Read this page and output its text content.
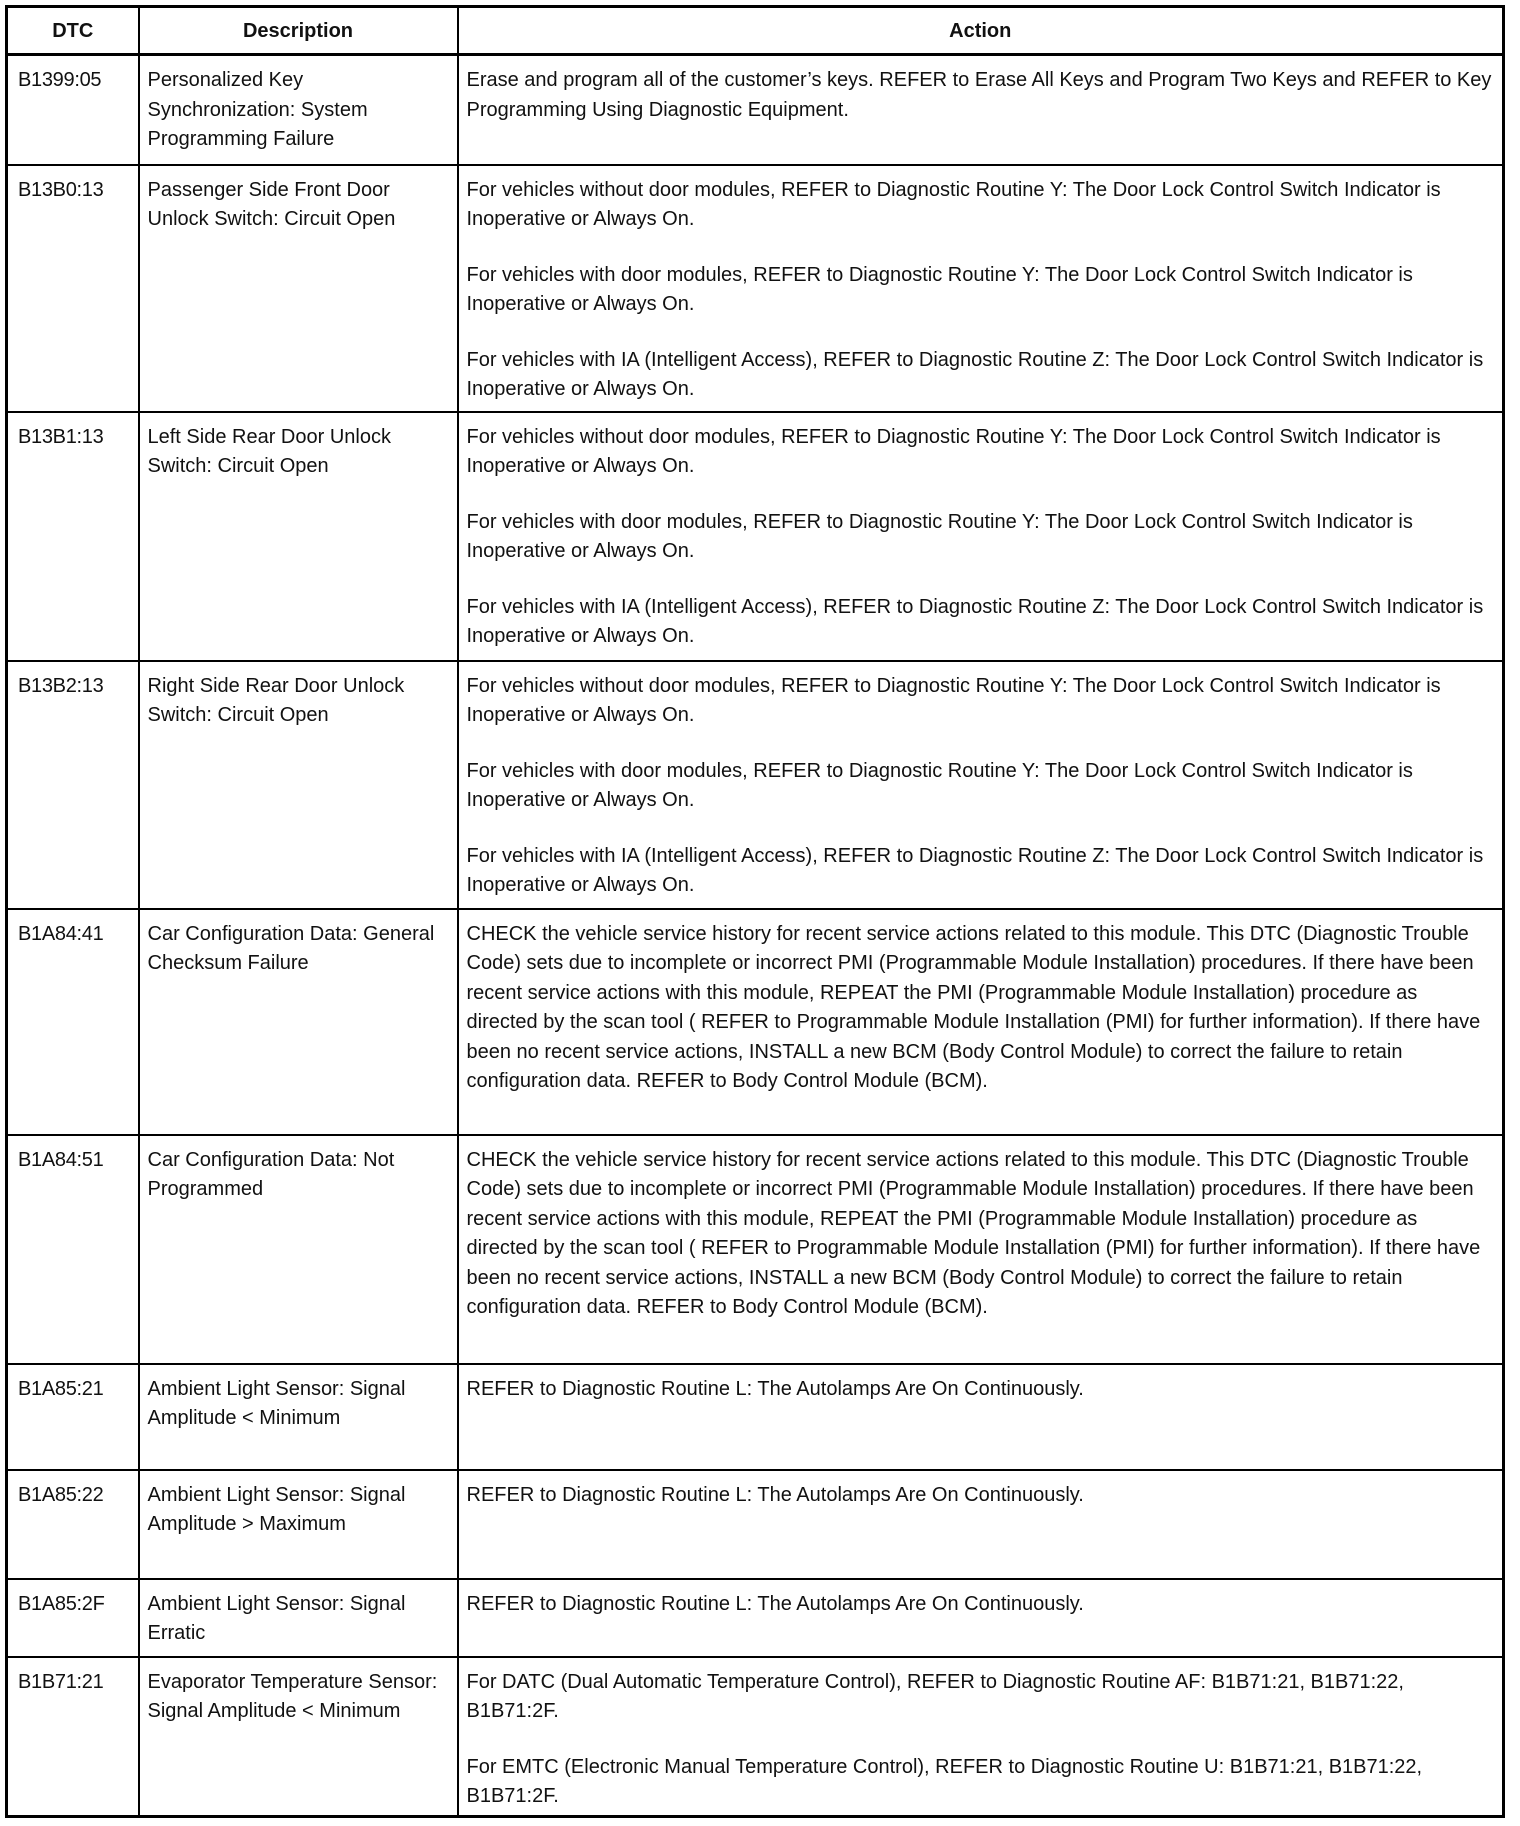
DTC	Description	Action
B1399:05	Personalized Key Synchronization: System Programming Failure	Erase and program all of the customer’s keys. REFER to Erase All Keys and Program Two Keys and REFER to Key Programming Using Diagnostic Equipment.

B13B0:13	Passenger Side Front Door Unlock Switch: Circuit Open	For vehicles without door modules, REFER to Diagnostic Routine Y: The Door Lock Control Switch Indicator is Inoperative or Always On.
For vehicles with door modules, REFER to Diagnostic Routine Y: The Door Lock Control Switch Indicator is Inoperative or Always On.
For vehicles with IA (Intelligent Access), REFER to Diagnostic Routine Z: The Door Lock Control Switch Indicator is Inoperative or Always On.

B13B1:13	Left Side Rear Door Unlock Switch: Circuit Open	For vehicles without door modules, REFER to Diagnostic Routine Y: The Door Lock Control Switch Indicator is Inoperative or Always On.
For vehicles with door modules, REFER to Diagnostic Routine Y: The Door Lock Control Switch Indicator is Inoperative or Always On.
For vehicles with IA (Intelligent Access), REFER to Diagnostic Routine Z: The Door Lock Control Switch Indicator is Inoperative or Always On.

B13B2:13	Right Side Rear Door Unlock Switch: Circuit Open	For vehicles without door modules, REFER to Diagnostic Routine Y: The Door Lock Control Switch Indicator is Inoperative or Always On.
For vehicles with door modules, REFER to Diagnostic Routine Y: The Door Lock Control Switch Indicator is Inoperative or Always On.
For vehicles with IA (Intelligent Access), REFER to Diagnostic Routine Z: The Door Lock Control Switch Indicator is Inoperative or Always On.

B1A84:41	Car Configuration Data: General Checksum Failure	CHECK the vehicle service history for recent service actions related to this module. This DTC (Diagnostic Trouble Code) sets due to incomplete or incorrect PMI (Programmable Module Installation) procedures. If there have been recent service actions with this module, REPEAT the PMI (Programmable Module Installation) procedure as directed by the scan tool ( REFER to Programmable Module Installation (PMI) for further information). If there have been no recent service actions, INSTALL a new BCM (Body Control Module) to correct the failure to retain configuration data. REFER to Body Control Module (BCM).

B1A84:51	Car Configuration Data: Not Programmed	CHECK the vehicle service history for recent service actions related to this module. This DTC (Diagnostic Trouble Code) sets due to incomplete or incorrect PMI (Programmable Module Installation) procedures. If there have been recent service actions with this module, REPEAT the PMI (Programmable Module Installation) procedure as directed by the scan tool ( REFER to Programmable Module Installation (PMI) for further information). If there have been no recent service actions, INSTALL a new BCM (Body Control Module) to correct the failure to retain configuration data. REFER to Body Control Module (BCM).

B1A85:21	Ambient Light Sensor: Signal Amplitude < Minimum	REFER to Diagnostic Routine L: The Autolamps Are On Continuously.

B1A85:22	Ambient Light Sensor: Signal Amplitude > Maximum	REFER to Diagnostic Routine L: The Autolamps Are On Continuously.

B1A85:2F	Ambient Light Sensor: Signal Erratic	REFER to Diagnostic Routine L: The Autolamps Are On Continuously.

B1B71:21	Evaporator Temperature Sensor: Signal Amplitude < Minimum	For DATC (Dual Automatic Temperature Control), REFER to Diagnostic Routine AF: B1B71:21, B1B71:22, B1B71:2F.
For EMTC (Electronic Manual Temperature Control), REFER to Diagnostic Routine U: B1B71:21, B1B71:22, B1B71:2F.
